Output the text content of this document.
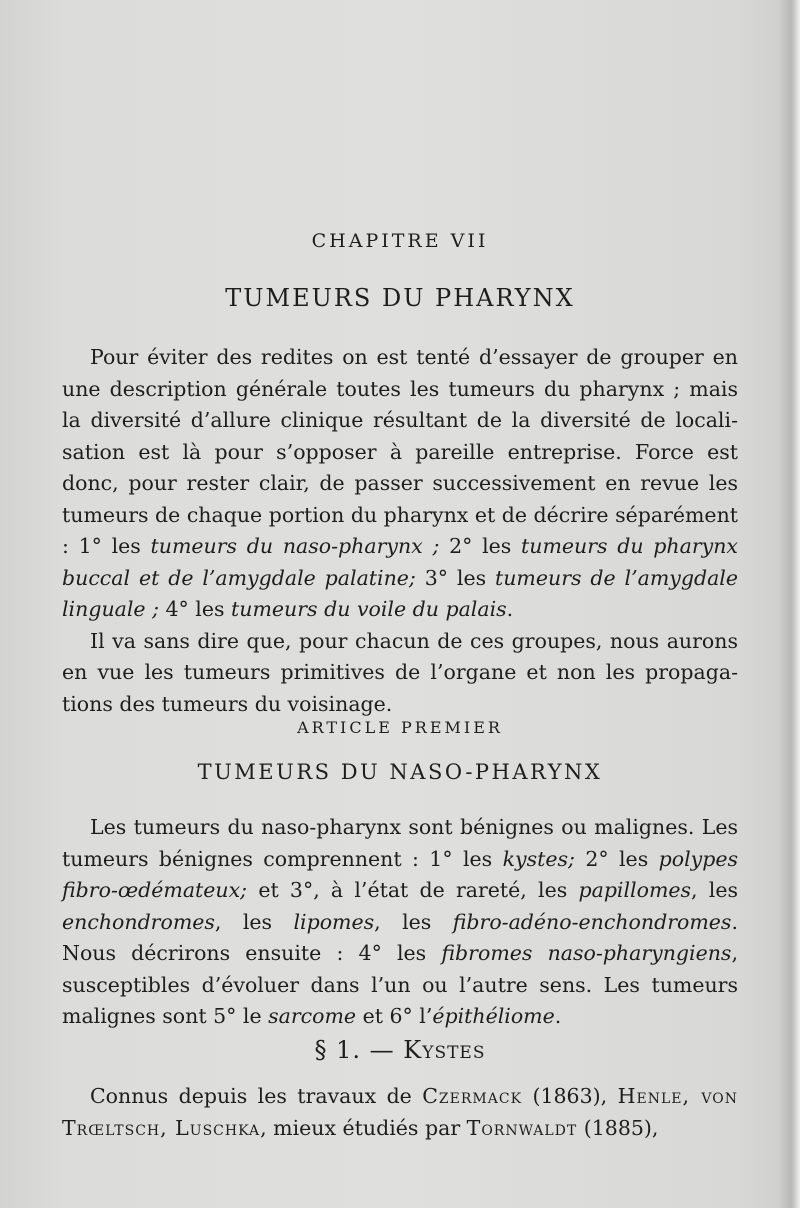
CHAPITRE VII
TUMEURS DU PHARYNX

Pour éviter des redites on est tenté d’essayer de grouper en une description générale toutes les tumeurs du pharynx ; mais la diversité d’allure clinique résultant de la diversité de localisation est là pour s’opposer à pareille entreprise. Force est donc, pour rester clair, de passer successivement en revue les tumeurs de chaque portion du pharynx et de décrire séparément : 1° les tumeurs du naso-pharynx ; 2° les tumeurs du pharynx buccal et de l’amygdale palatine; 3° les tumeurs de l’amygdale linguale ; 4° les tumeurs du voile du palais.

Il va sans dire que, pour chacun de ces groupes, nous aurons en vue les tumeurs primitives de l’organe et non les propagations des tumeurs du voisinage.

ARTICLE PREMIER
TUMEURS DU NASO-PHARYNX

Les tumeurs du naso-pharynx sont bénignes ou malignes. Les tumeurs bénignes comprennent : 1° les kystes; 2° les polypes fibro-œdémateux; et 3°, à l’état de rareté, les papillomes, les enchondromes, les lipomes, les fibro-adéno-enchondromes. Nous décrirons ensuite : 4° les fibromes naso-pharyngiens, susceptibles d’évoluer dans l’un ou l’autre sens. Les tumeurs malignes sont 5° le sarcome et 6° l’épithéliome.

§ 1. — Kystes

Connus depuis les travaux de Czermack (1863), Henle, von Trœltsch, Luschka, mieux étudiés par Tornwaldt (1885),
